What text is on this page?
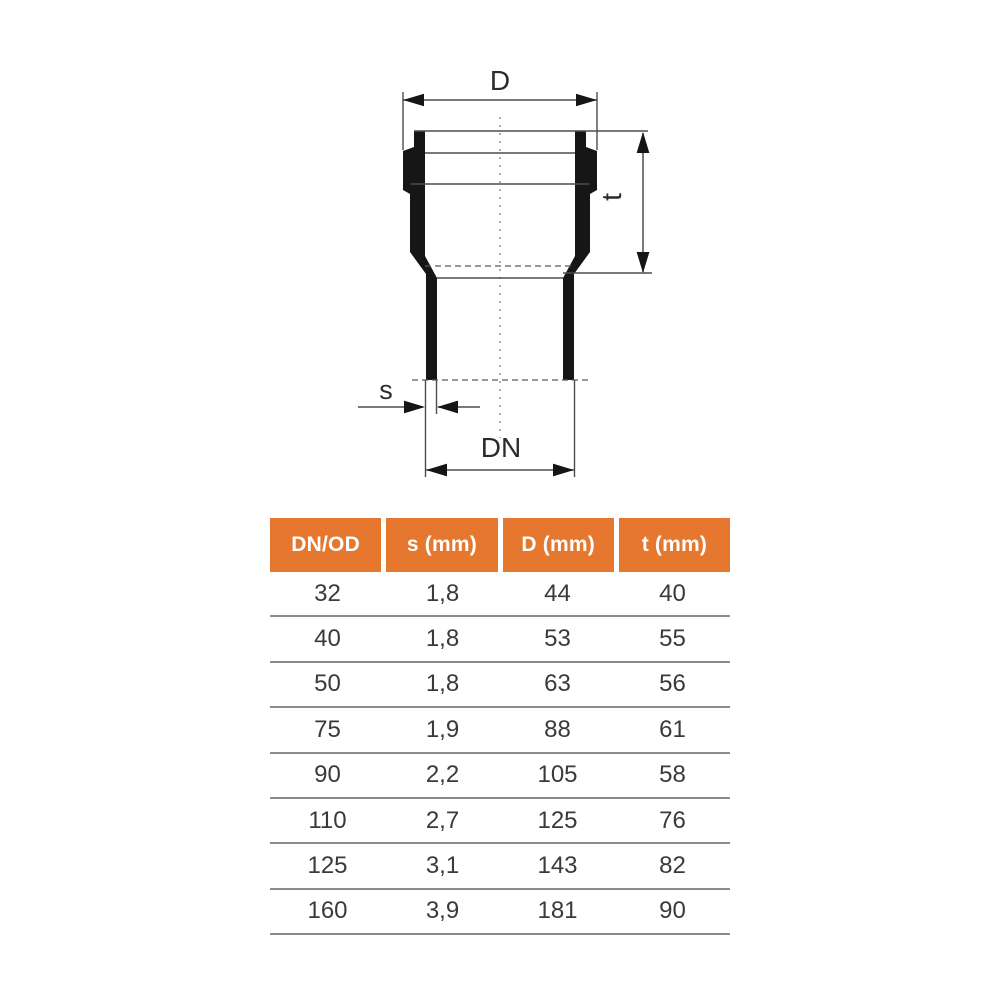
D
t
s
DN
DN/OD	s (mm)	D (mm)	t (mm)
32	1,8	44	40
40	1,8	53	55
50	1,8	63	56
75	1,9	88	61
90	2,2	105	58
110	2,7	125	76
125	3,1	143	82
160	3,9	181	90
